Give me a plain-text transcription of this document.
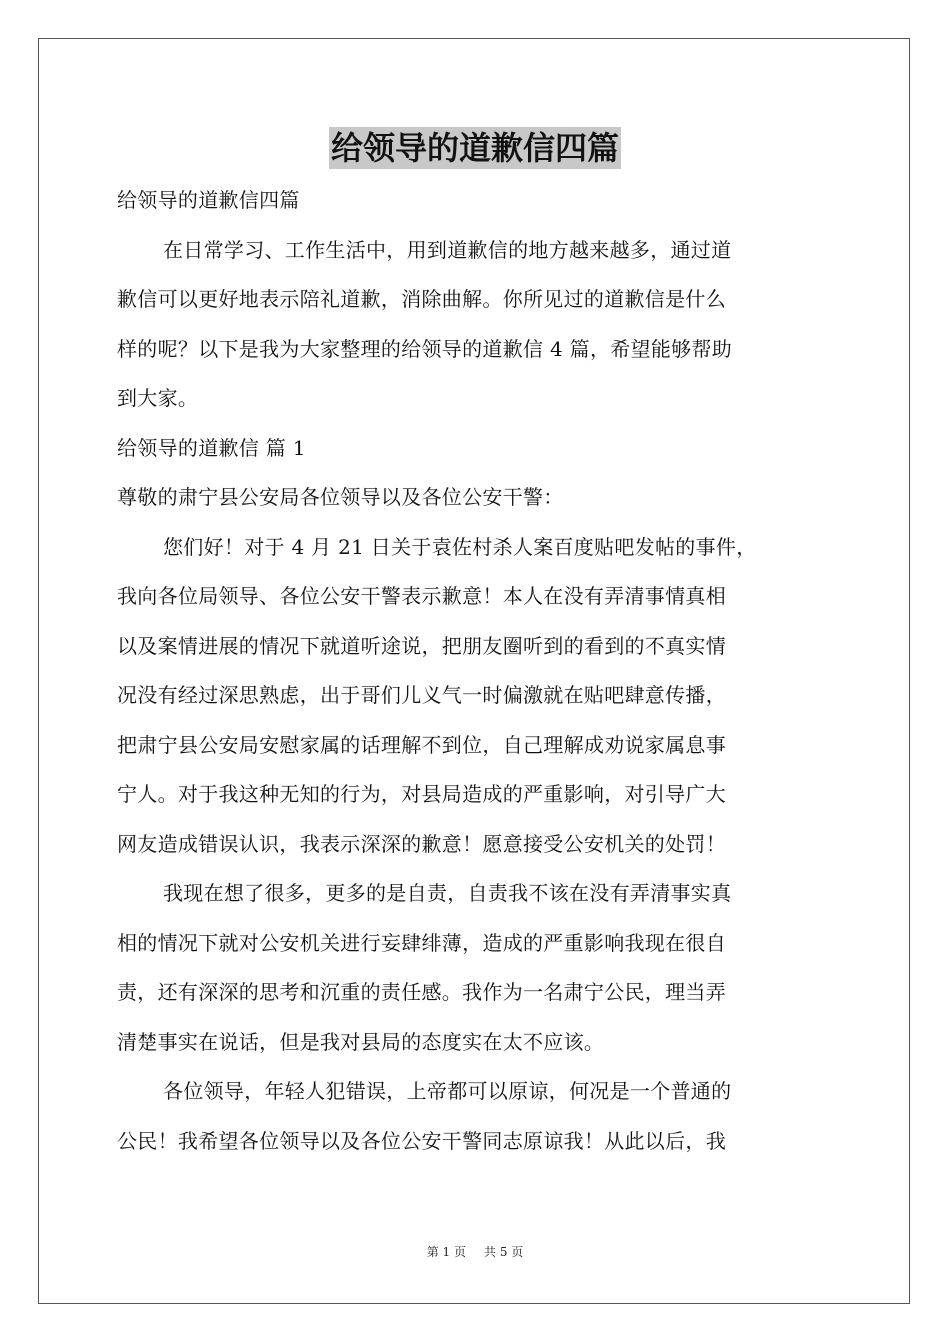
给领导的道歉信四篇
给领导的道歉信四篇
在日常学习、工作生活中，用到道歉信的地方越来越多，通过道
歉信可以更好地表示陪礼道歉，消除曲解。你所见过的道歉信是什么
样的呢？以下是我为大家整理的给领导的道歉信 4 篇，希望能够帮助
到大家。
给领导的道歉信 篇 1
尊敬的肃宁县公安局各位领导以及各位公安干警：
您们好！对于 4 月 21 日关于袁佐村杀人案百度贴吧发帖的事件，
我向各位局领导、各位公安干警表示歉意！本人在没有弄清事情真相
以及案情进展的情况下就道听途说，把朋友圈听到的看到的不真实情
况没有经过深思熟虑，出于哥们儿义气一时偏激就在贴吧肆意传播，
把肃宁县公安局安慰家属的话理解不到位，自己理解成劝说家属息事
宁人。对于我这种无知的行为，对县局造成的严重影响，对引导广大
网友造成错误认识，我表示深深的歉意！愿意接受公安机关的处罚！
我现在想了很多，更多的是自责，自责我不该在没有弄清事实真
相的情况下就对公安机关进行妄肆绯薄，造成的严重影响我现在很自
责，还有深深的思考和沉重的责任感。我作为一名肃宁公民，理当弄
清楚事实在说话，但是我对县局的态度实在太不应该。
各位领导，年轻人犯错误，上帝都可以原谅，何况是一个普通的
公民！我希望各位领导以及各位公安干警同志原谅我！从此以后，我
第 1 页 共 5 页
